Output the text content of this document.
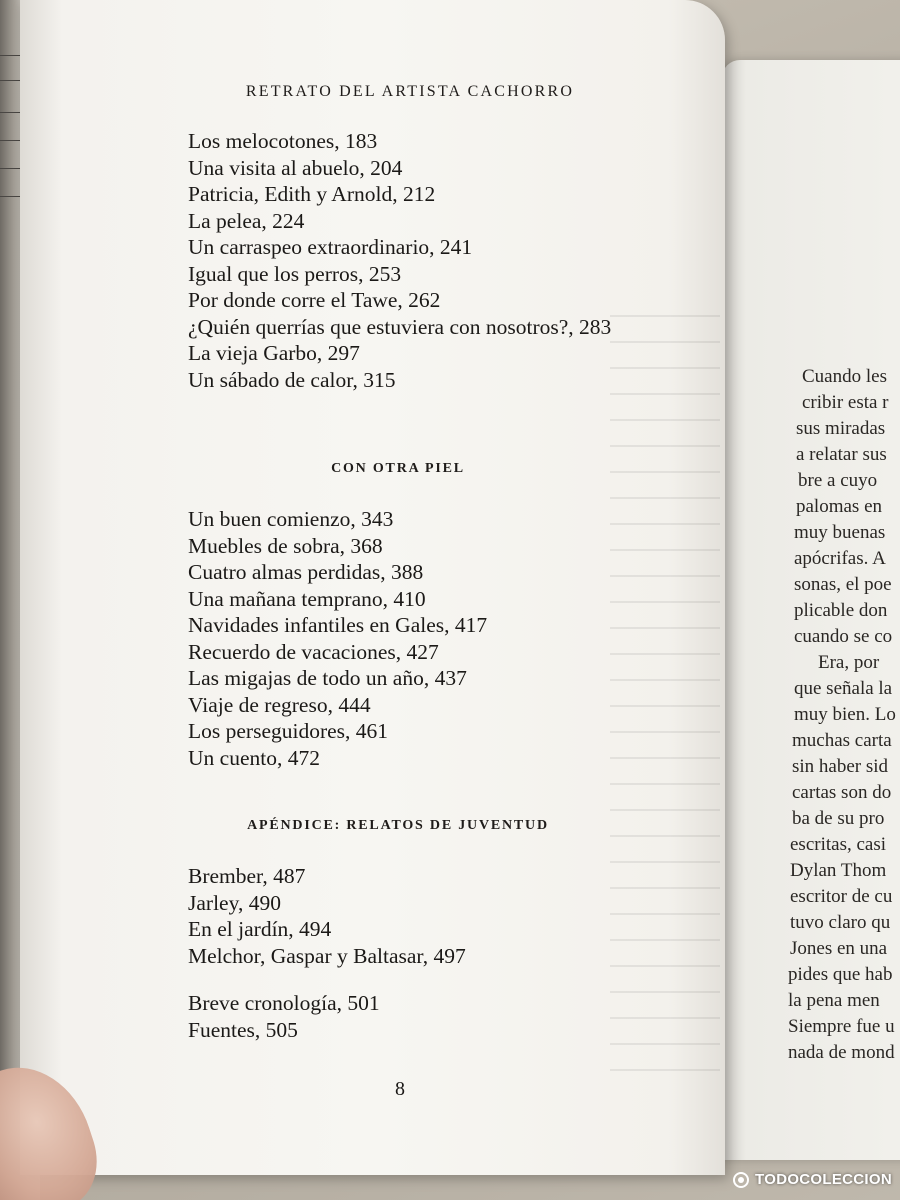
Cuando les
cribir esta r
sus miradas
a relatar sus
bre a cuyo
palomas en
muy buenas
apócrifas. A
sonas, el poe
plicable don
cuando se co
Era, por
que señala la
muy bien. Lo
muchas carta
sin haber sid
cartas son do
ba de su pro
escritas, casi
Dylan Thom
escritor de cu
tuvo claro qu
Jones en una
pides que hab
la pena men
Siempre fue u
nada de mond
RETRATO DEL ARTISTA CACHORRO
Los melocotones, 183
Una visita al abuelo, 204
Patricia, Edith y Arnold, 212
La pelea, 224
Un carraspeo extraordinario, 241
Igual que los perros, 253
Por donde corre el Tawe, 262
¿Quién querrías que estuviera con nosotros?, 283
La vieja Garbo, 297
Un sábado de calor, 315
CON OTRA PIEL
Un buen comienzo, 343
Muebles de sobra, 368
Cuatro almas perdidas, 388
Una mañana temprano, 410
Navidades infantiles en Gales, 417
Recuerdo de vacaciones, 427
Las migajas de todo un año, 437
Viaje de regreso, 444
Los perseguidores, 461
Un cuento, 472
APÉNDICE: RELATOS DE JUVENTUD
Brember, 487
Jarley, 490
En el jardín, 494
Melchor, Gaspar y Baltasar, 497
Breve cronología, 501
Fuentes, 505
8
TODOCOLECCION
